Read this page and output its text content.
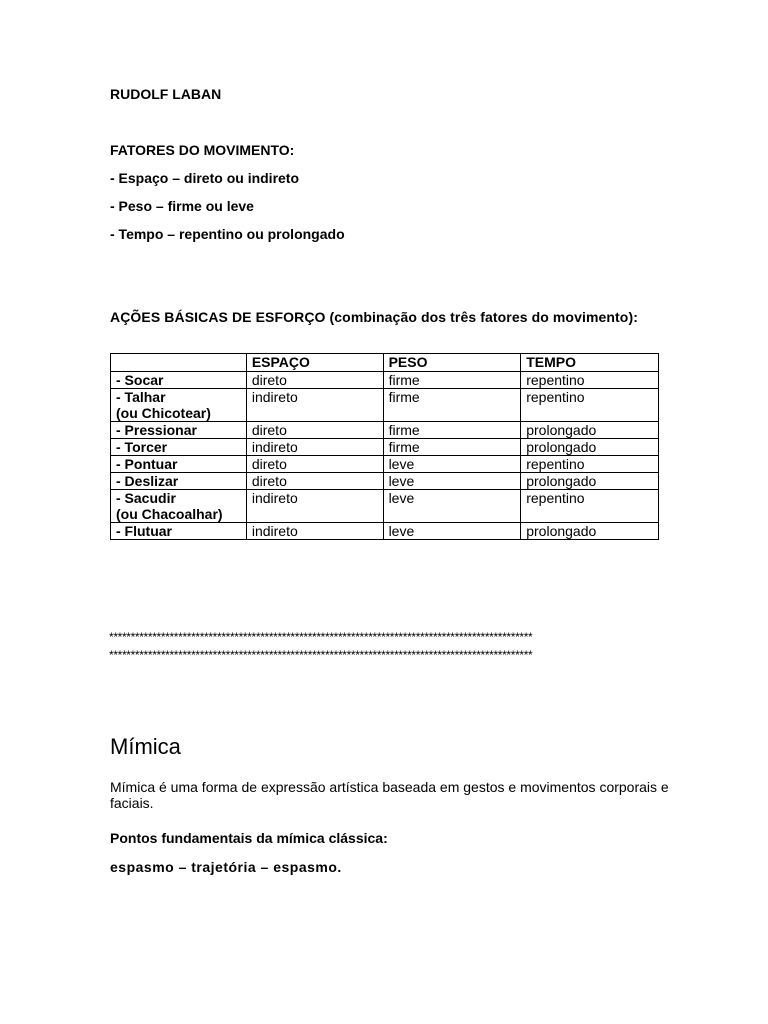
RUDOLF LABAN
FATORES DO MOVIMENTO:
- Espaço – direto ou indireto
- Peso – firme ou leve
- Tempo – repentino ou prolongado
AÇÕES BÁSICAS DE ESFORÇO (combinação dos três fatores do movimento):
	ESPAÇO	PESO	TEMPO
- Socar	direto	firme	repentino
- Talhar
(ou Chicotear)	indireto	firme	repentino
- Pressionar	direto	firme	prolongado
- Torcer	indireto	firme	prolongado
- Pontuar	direto	leve	repentino
- Deslizar	direto	leve	prolongado
- Sacudir
(ou Chacoalhar)	indireto	leve	repentino
- Flutuar	indireto	leve	prolongado
**************************************************************************************************
**************************************************************************************************
Mímica
Mímica é uma forma de expressão artística baseada em gestos e movimentos corporais e faciais.
Pontos fundamentais da mímica clássica:
espasmo – trajetória – espasmo.
